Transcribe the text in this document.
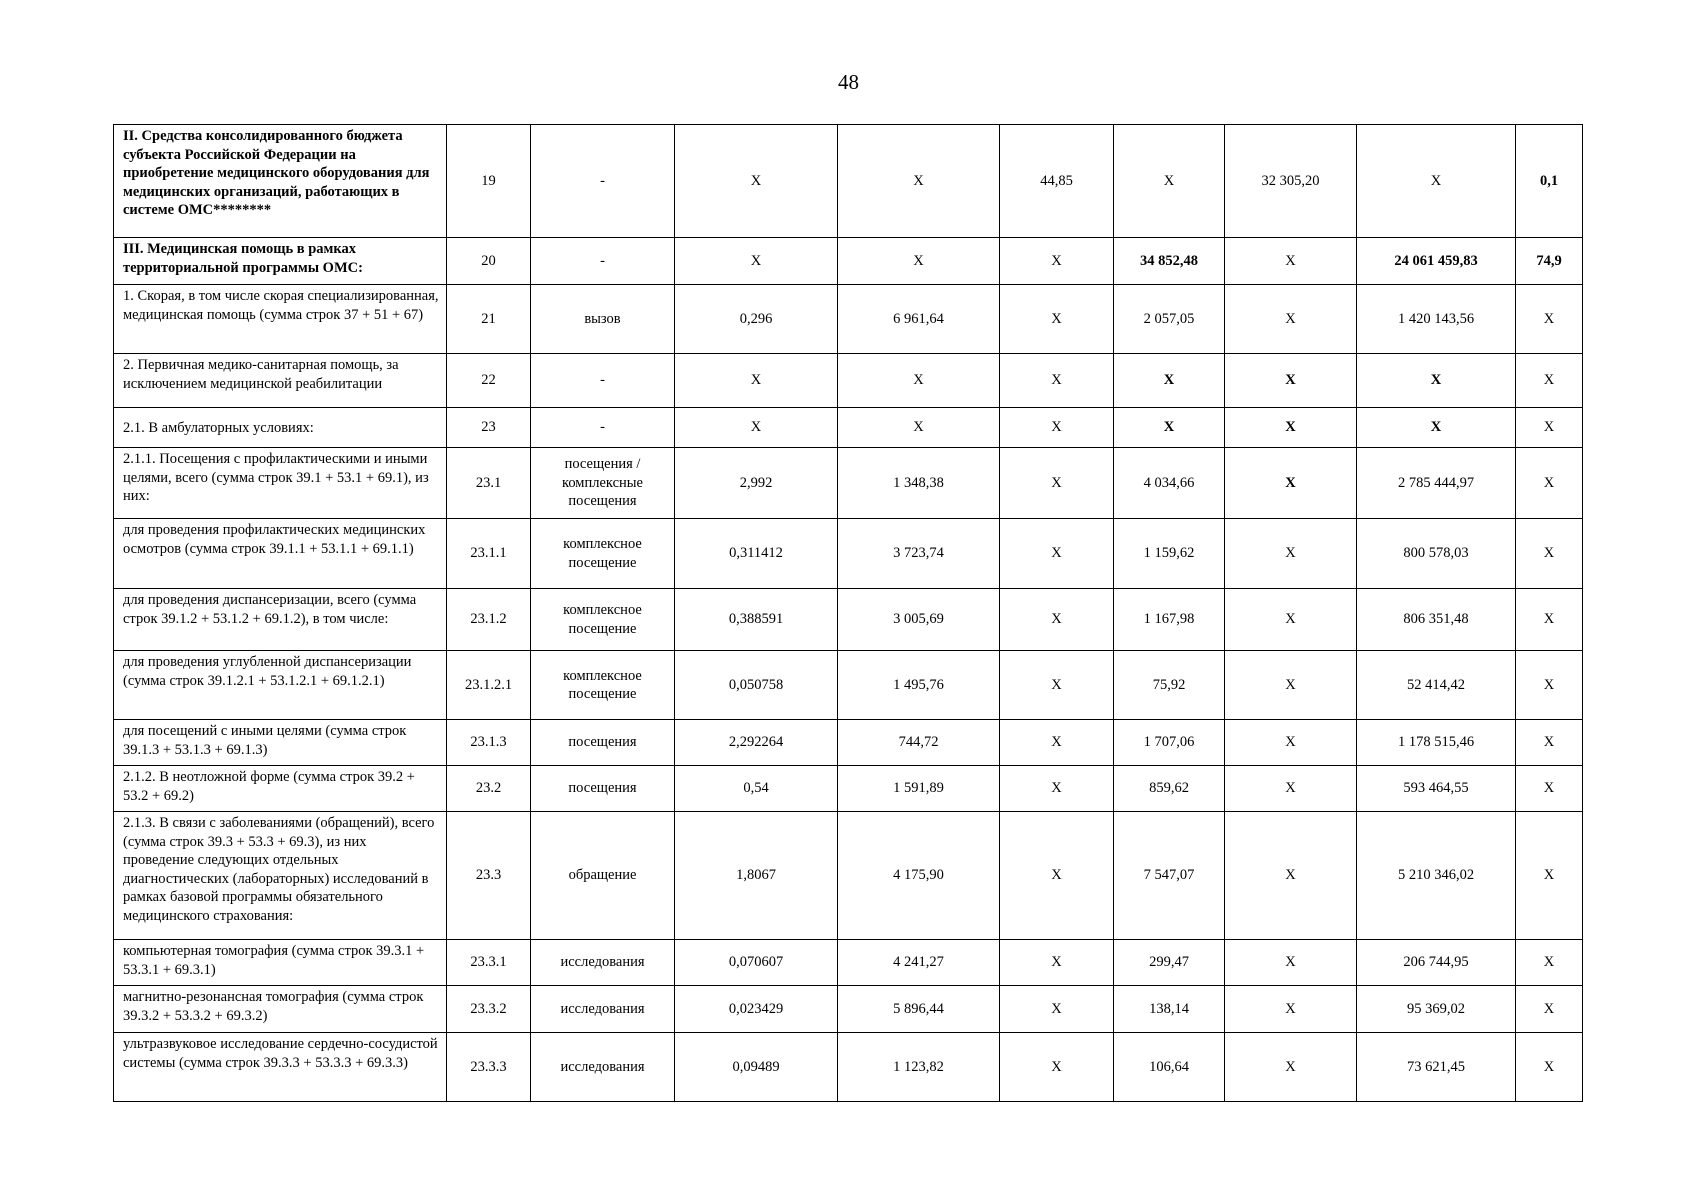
48
II. Средства консолидированного бюджета субъекта Российской Федерации на приобретение медицинского оборудования для медицинских организаций, работающих в системе ОМС********	19	-	X	X	44,85	X	32 305,20	X	0,1
III. Медицинская помощь в рамках территориальной программы ОМС:	20	-	X	X	X	34 852,48	X	24 061 459,83	74,9
1. Скорая, в том числе скорая специализированная, медицинская помощь (сумма строк 37 + 51 + 67)	21	вызов	0,296	6 961,64	X	2 057,05	X	1 420 143,56	X
2. Первичная медико-санитарная помощь, за исключением медицинской реабилитации	22	-	X	X	X	X	X	X	X
2.1. В амбулаторных условиях:	23	-	X	X	X	X	X	X	X
2.1.1. Посещения с профилактическими и иными целями, всего (сумма строк 39.1 + 53.1 + 69.1), из них:	23.1	посещения / комплексные посещения	2,992	1 348,38	X	4 034,66	X	2 785 444,97	X
для проведения профилактических медицинских осмотров (сумма строк 39.1.1 + 53.1.1 + 69.1.1)	23.1.1	комплексное посещение	0,311412	3 723,74	X	1 159,62	X	800 578,03	X
для проведения диспансеризации, всего (сумма строк 39.1.2 + 53.1.2 + 69.1.2), в том числе:	23.1.2	комплексное посещение	0,388591	3 005,69	X	1 167,98	X	806 351,48	X
для проведения углубленной диспансеризации (сумма строк 39.1.2.1 + 53.1.2.1 + 69.1.2.1)	23.1.2.1	комплексное посещение	0,050758	1 495,76	X	75,92	X	52 414,42	X
для посещений с иными целями (сумма строк 39.1.3 + 53.1.3 + 69.1.3)	23.1.3	посещения	2,292264	744,72	X	1 707,06	X	1 178 515,46	X
2.1.2. В неотложной форме (сумма строк 39.2 + 53.2 + 69.2)	23.2	посещения	0,54	1 591,89	X	859,62	X	593 464,55	X
2.1.3. В связи с заболеваниями (обращений), всего (сумма строк 39.3 + 53.3 + 69.3), из них проведение следующих отдельных диагностических (лабораторных) исследований в рамках базовой программы обязательного медицинского страхования:	23.3	обращение	1,8067	4 175,90	X	7 547,07	X	5 210 346,02	X
компьютерная томография (сумма строк 39.3.1 + 53.3.1 + 69.3.1)	23.3.1	исследования	0,070607	4 241,27	X	299,47	X	206 744,95	X
магнитно-резонансная томография (сумма строк 39.3.2 + 53.3.2 + 69.3.2)	23.3.2	исследования	0,023429	5 896,44	X	138,14	X	95 369,02	X
ультразвуковое исследование сердечно-сосудистой системы (сумма строк 39.3.3 + 53.3.3 + 69.3.3)	23.3.3	исследования	0,09489	1 123,82	X	106,64	X	73 621,45	X
